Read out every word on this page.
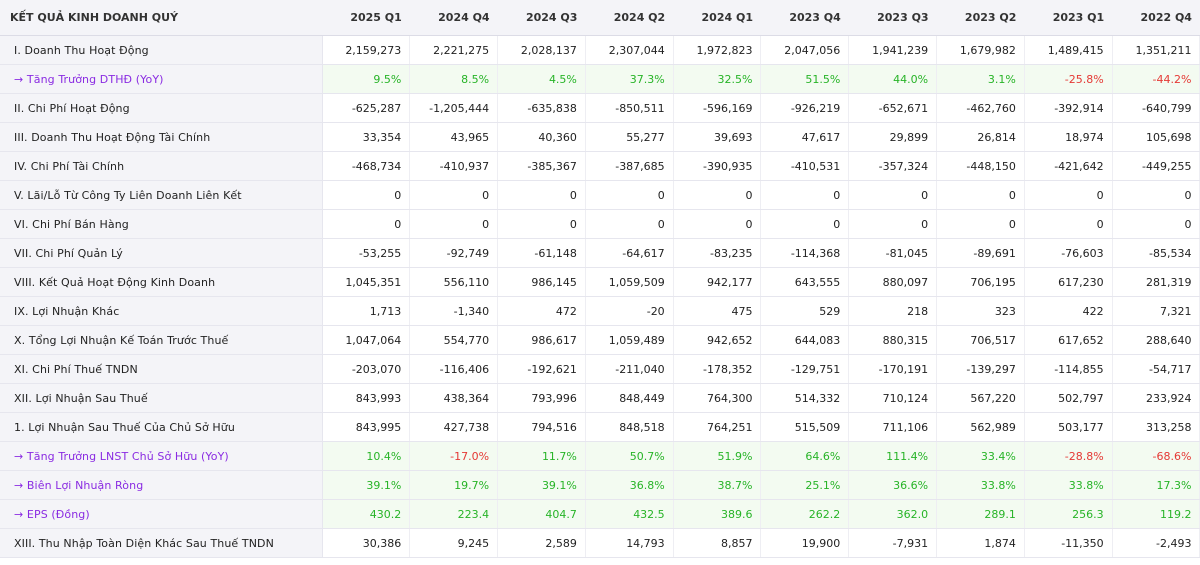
KẾT QUẢ KINH DOANH QUÝ	2025 Q1	2024 Q4	2024 Q3	2024 Q2	2024 Q1	2023 Q4	2023 Q3	2023 Q2	2023 Q1	2022 Q4
I. Doanh Thu Hoạt Động	2,159,273	2,221,275	2,028,137	2,307,044	1,972,823	2,047,056	1,941,239	1,679,982	1,489,415	1,351,211
→ Tăng Trưởng DTHĐ (YoY)	9.5%	8.5%	4.5%	37.3%	32.5%	51.5%	44.0%	3.1%	-25.8%	-44.2%
II. Chi Phí Hoạt Động	-625,287	-1,205,444	-635,838	-850,511	-596,169	-926,219	-652,671	-462,760	-392,914	-640,799
III. Doanh Thu Hoạt Động Tài Chính	33,354	43,965	40,360	55,277	39,693	47,617	29,899	26,814	18,974	105,698
IV. Chi Phí Tài Chính	-468,734	-410,937	-385,367	-387,685	-390,935	-410,531	-357,324	-448,150	-421,642	-449,255
V. Lãi/Lỗ Từ Công Ty Liên Doanh Liên Kết	0	0	0	0	0	0	0	0	0	0
VI. Chi Phí Bán Hàng	0	0	0	0	0	0	0	0	0	0
VII. Chi Phí Quản Lý	-53,255	-92,749	-61,148	-64,617	-83,235	-114,368	-81,045	-89,691	-76,603	-85,534
VIII. Kết Quả Hoạt Động Kinh Doanh	1,045,351	556,110	986,145	1,059,509	942,177	643,555	880,097	706,195	617,230	281,319
IX. Lợi Nhuận Khác	1,713	-1,340	472	-20	475	529	218	323	422	7,321
X. Tổng Lợi Nhuận Kế Toán Trước Thuế	1,047,064	554,770	986,617	1,059,489	942,652	644,083	880,315	706,517	617,652	288,640
XI. Chi Phí Thuế TNDN	-203,070	-116,406	-192,621	-211,040	-178,352	-129,751	-170,191	-139,297	-114,855	-54,717
XII. Lợi Nhuận Sau Thuế	843,993	438,364	793,996	848,449	764,300	514,332	710,124	567,220	502,797	233,924
1. Lợi Nhuận Sau Thuế Của Chủ Sở Hữu	843,995	427,738	794,516	848,518	764,251	515,509	711,106	562,989	503,177	313,258
→ Tăng Trưởng LNST Chủ Sở Hữu (YoY)	10.4%	-17.0%	11.7%	50.7%	51.9%	64.6%	111.4%	33.4%	-28.8%	-68.6%
→ Biên Lợi Nhuận Ròng	39.1%	19.7%	39.1%	36.8%	38.7%	25.1%	36.6%	33.8%	33.8%	17.3%
→ EPS (Đồng)	430.2	223.4	404.7	432.5	389.6	262.2	362.0	289.1	256.3	119.2
XIII. Thu Nhập Toàn Diện Khác Sau Thuế TNDN	30,386	9,245	2,589	14,793	8,857	19,900	-7,931	1,874	-11,350	-2,493
